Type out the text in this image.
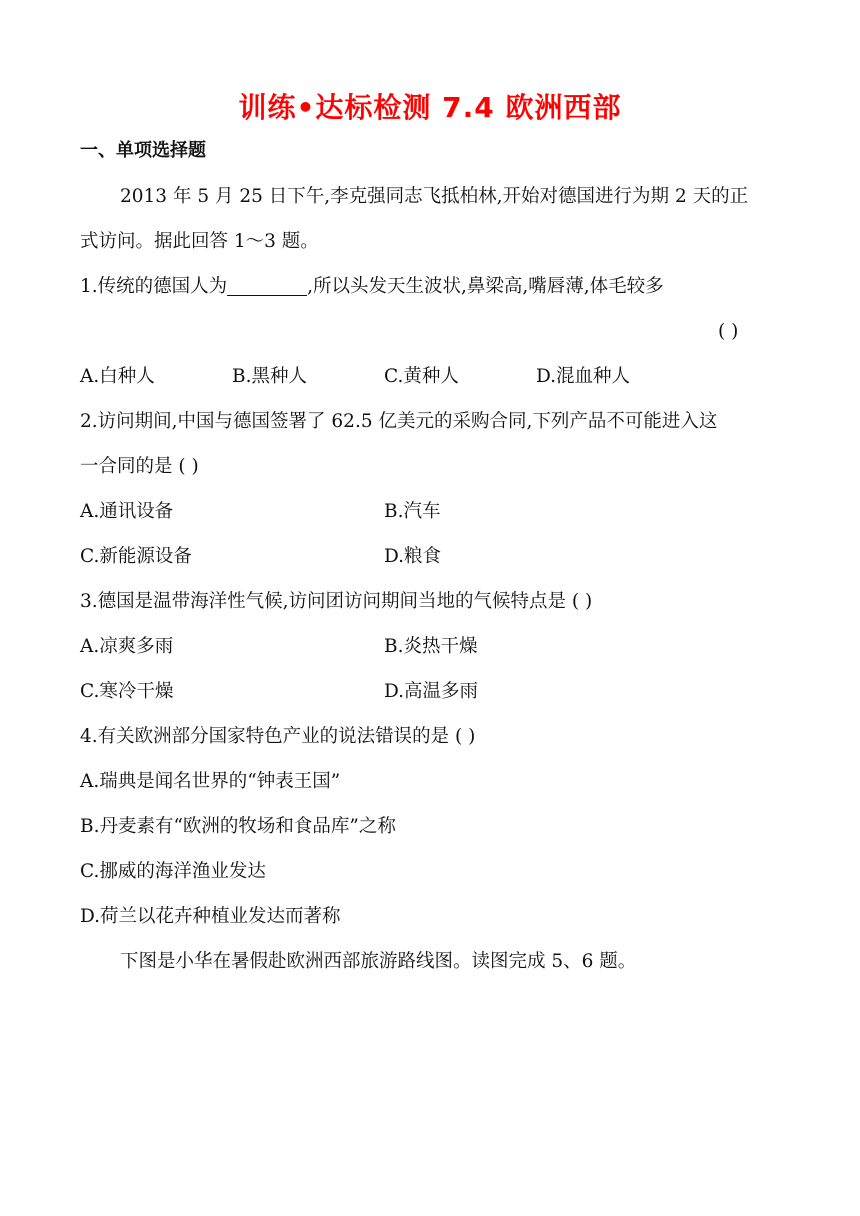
训练•达标检测 7.4 欧洲西部
一、单项选择题
2013 年 5 月 25 日下午,李克强同志飞抵柏林,开始对德国进行为期 2 天的正
式访问。据此回答 1～3 题。
1.传统的德国人为	,所以头发天生波状,鼻梁高,嘴唇薄,体毛较多
( )
A.白种人	B.黑种人	C.黄种人	D.混血种人
2.访问期间,中国与德国签署了 62.5 亿美元的采购合同,下列产品不可能进入这
一合同的是 ( )
A.通讯设备	B.汽车
C.新能源设备	D.粮食
3.德国是温带海洋性气候,访问团访问期间当地的气候特点是 ( )
A.凉爽多雨	B.炎热干燥
C.寒冷干燥	D.高温多雨
4.有关欧洲部分国家特色产业的说法错误的是 ( )
A.瑞典是闻名世界的“钟表王国”
B.丹麦素有“欧洲的牧场和食品库”之称
C.挪威的海洋渔业发达
D.荷兰以花卉种植业发达而著称
下图是小华在暑假赴欧洲西部旅游路线图。读图完成 5、6 题。
